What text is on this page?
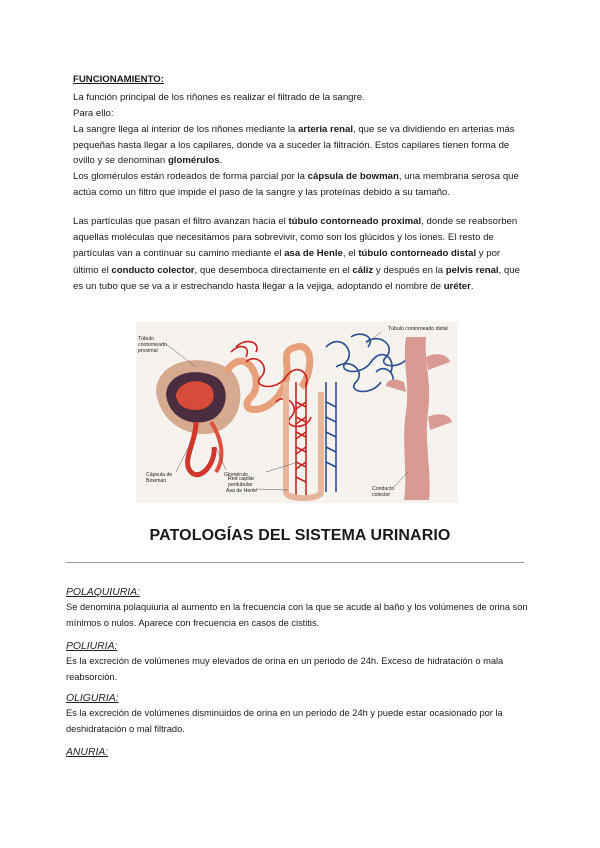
FUNCIONAMIENTO:

La función principal de los riñones es realizar el filtrado de la sangre.

Para ello:

La sangre llega al interior de los riñones mediante la arteria renal, que se va dividiendo en arterias más pequeñas hasta llegar a los capilares, donde va a suceder la filtración. Estos capilares tienen forma de ovillo y se denominan glomérulos.

Los glomérulos están rodeados de forma parcial por la cápsula de bowman, una membrana serosa que actúa como un filtro que impide el paso de la sangre y las proteínas debido a su tamaño.

Las partículas que pasan el filtro avanzan hacia el túbulo contorneado proximal, donde se reabsorben aquellas moléculas que necesitamos para sobrevivir, como son los glúcidos y los iones. El resto de partículas van a continuar su camino mediante el asa de Henle, el túbulo contorneado distal y por último el conducto colector, que desemboca directamente en el cáliz y después en la pelvis renal, que es un tubo que se va a ir estrechando hasta llegar a la vejiga, adoptando el nombre de uréter.

Túbulo contorneado proximal
Túbulo contorneado distal
Cápsula de Bowman
Glomérulo
Red capilar peritubular
Asa de Henle	Conducto colector
PATOLOGÍAS DEL SISTEMA URINARIO
POLAQUIURIA:

Se denomina polaquiuria al aumento en la frecuencia con la que se acude al baño y los volúmenes de orina son mínimos o nulos. Aparece con frecuencia en casos de cistitis.

POLIURIA:

Es la excreción de volúmenes muy elevados de orina en un periodo de 24h. Exceso de hidratación o mala reabsorción.

OLIGURIA:

Es la excreción de volúmenes disminuidos de orina en un periodo de 24h y puede estar ocasionado por la deshidratación o mal filtrado.

ANURIA:
